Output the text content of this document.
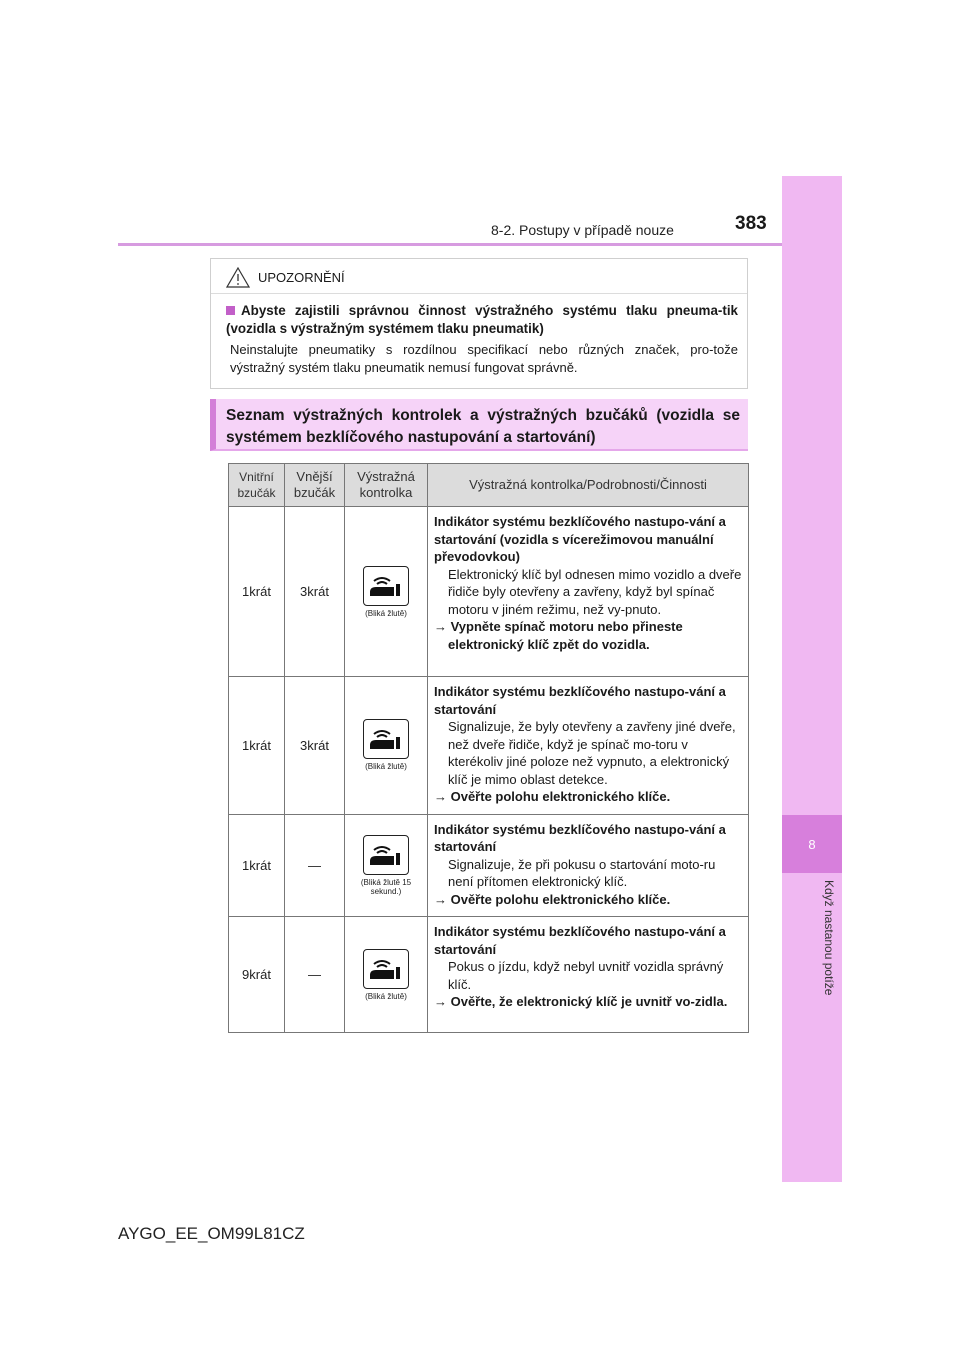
8
Když nastanou potíže
8-2. Postupy v případě nouze	383
UPOZORNĚNÍ
Abyste zajistili správnou činnost výstražného systému tlaku pneuma-tik (vozidla s výstražným systémem tlaku pneumatik)
Neinstalujte pneumatiky s rozdílnou specifikací nebo různých značek, pro-tože výstražný systém tlaku pneumatik nemusí fungovat správně.
Seznam výstražných kontrolek a výstražných bzučáků (vozidla se systémem bezklíčového nastupování a startování)
Vnitřní bzučák	Vnější bzučák	Výstražná kontrolka	Výstražná kontrolka/Podrobnosti/Činnosti
1krát	3krát	(Bliká žlutě)	Indikátor systému bezklíčového nastupo-vání a startování (vozidla s vícerežimovou manuální převodovkou)
Elektronický klíč byl odnesen mimo vozidlo a dveře řidiče byly otevřeny a zavřeny, když byl spínač motoru v jiném režimu, než vy-pnuto.
→ Vypněte spínač motoru nebo přineste elektronický klíč zpět do vozidla.

1krát	3krát	(Bliká žlutě)	Indikátor systému bezklíčového nastupo-vání a startování
Signalizuje, že byly otevřeny a zavřeny jiné dveře, než dveře řidiče, když je spínač mo-toru v kterékoliv jiné poloze než vypnuto, a elektronický klíč je mimo oblast detekce.
→ Ověřte polohu elektronického klíče.

1krát	—	(Bliká žlutě 15 sekund.)	Indikátor systému bezklíčového nastupo-vání a startování
Signalizuje, že při pokusu o startování moto-ru není přítomen elektronický klíč.
→ Ověřte polohu elektronického klíče.

9krát	—	(Bliká žlutě)	Indikátor systému bezklíčového nastupo-vání a startování
Pokus o jízdu, když nebyl uvnitř vozidla správný klíč.
→ Ověřte, že elektronický klíč je uvnitř vo-zidla.
AYGO_EE_OM99L81CZ
